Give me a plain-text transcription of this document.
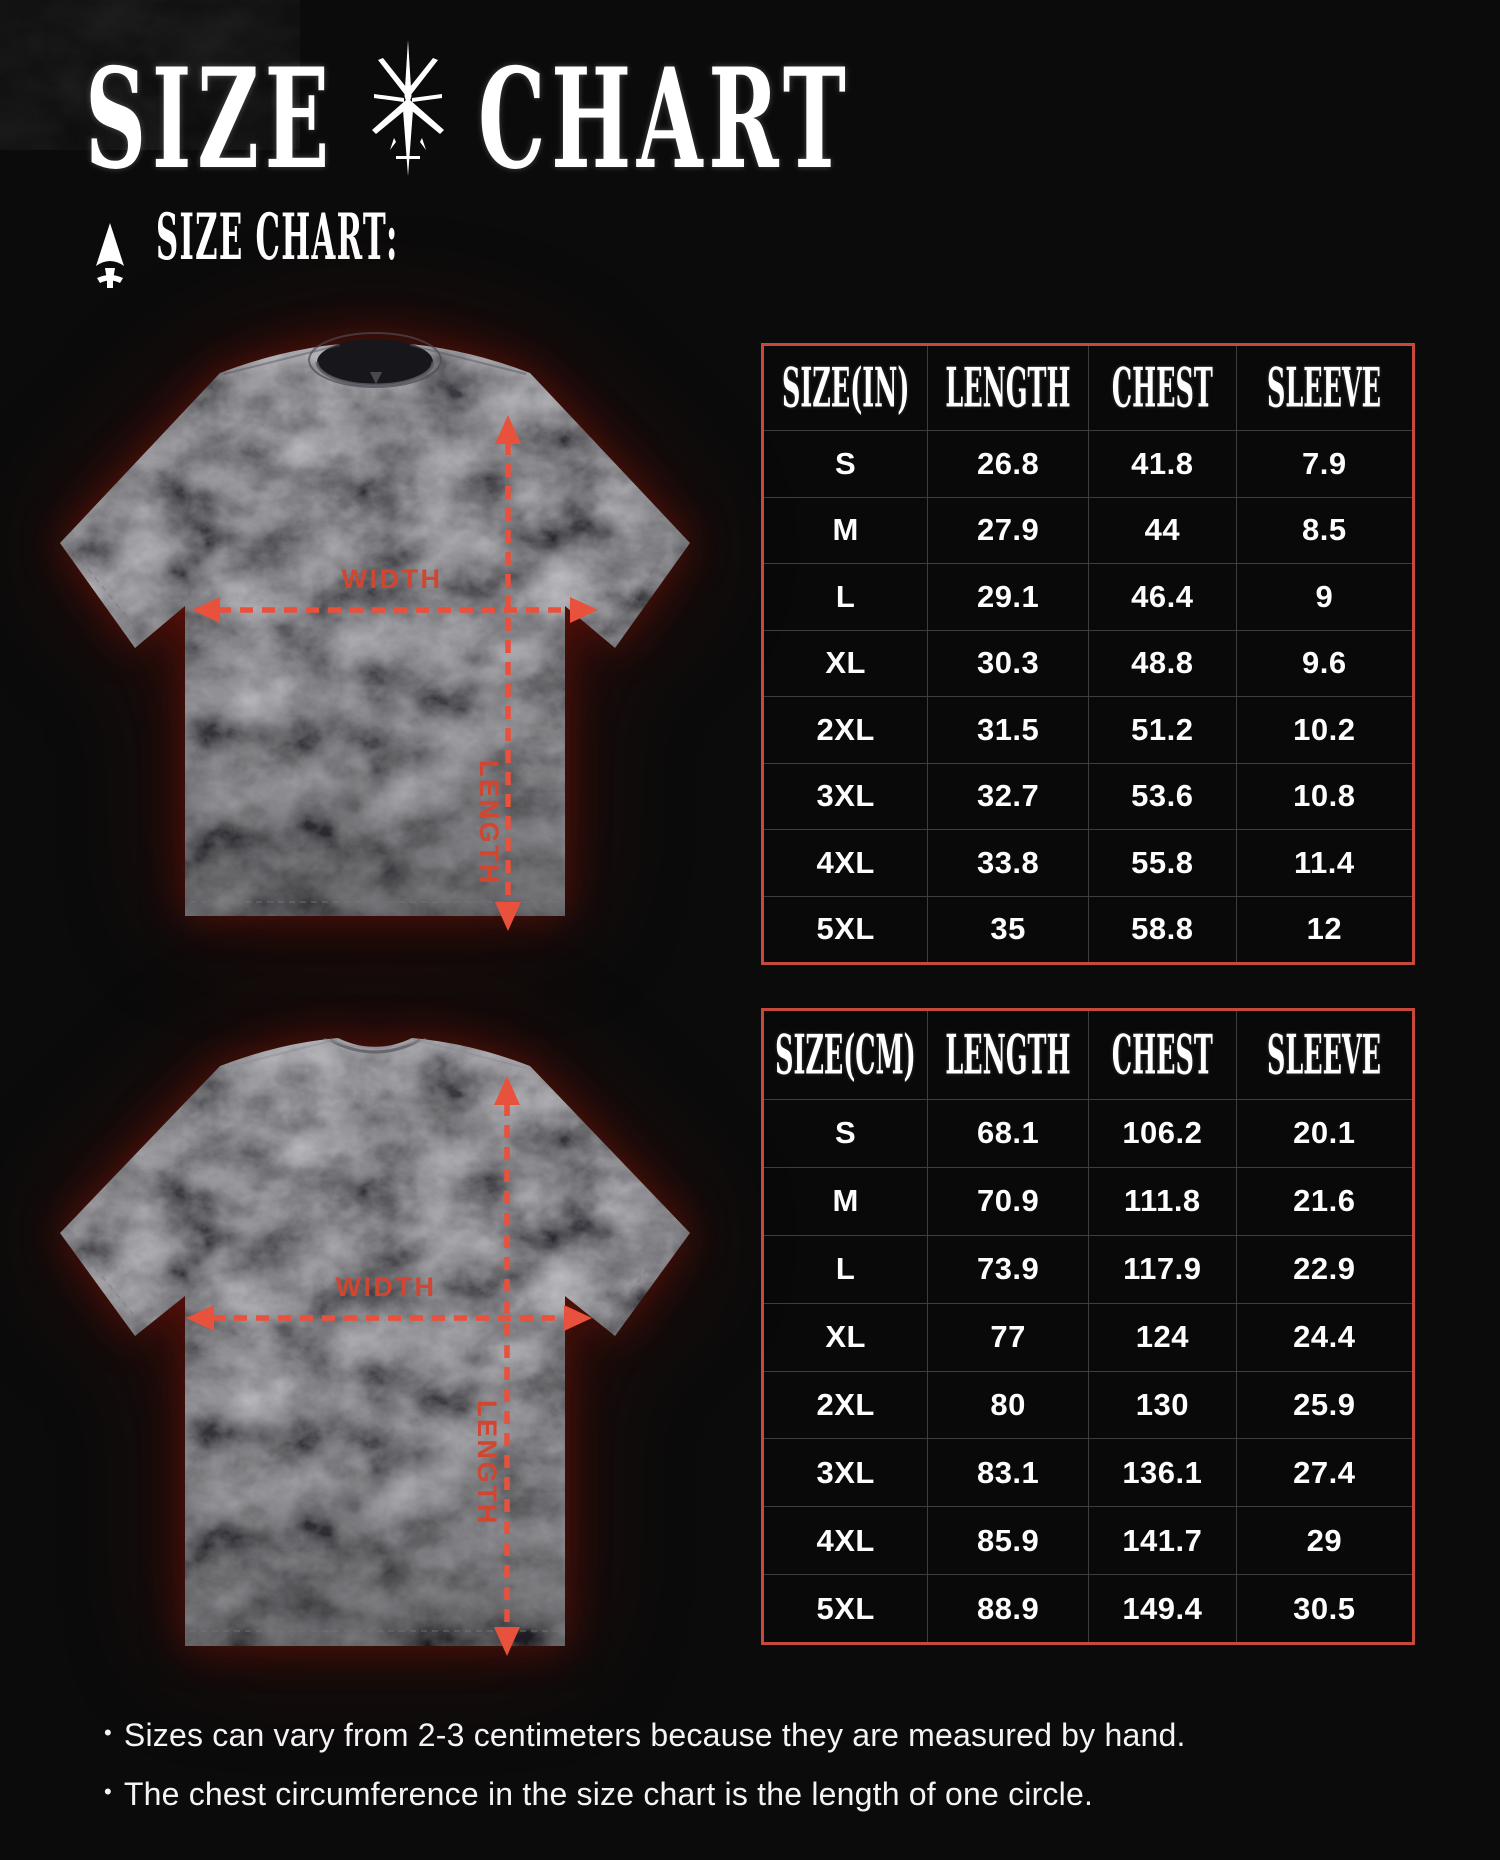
SIZE CHART
SIZE CHART:
WIDTH
LENGTH
WIDTH
LENGTH
SIZE(IN) LENGTH CHEST SLEEVE
S	26.8	41.8	7.9
M	27.9	44	8.5
L	29.1	46.4	9
XL	30.3	48.8	9.6
2XL	31.5	51.2	10.2
3XL	32.7	53.6	10.8
4XL	33.8	55.8	11.4
5XL	35	58.8	12
SIZE(CM) LENGTH CHEST SLEEVE
S	68.1	106.2	20.1
M	70.9	111.8	21.6
L	73.9	117.9	22.9
XL	77	124	24.4
2XL	80	130	25.9
3XL	83.1	136.1	27.4
4XL	85.9	141.7	29
5XL	88.9	149.4	30.5
• Sizes can vary from 2-3 centimeters because they are measured by hand.
• The chest circumference in the size chart is the length of one circle.
